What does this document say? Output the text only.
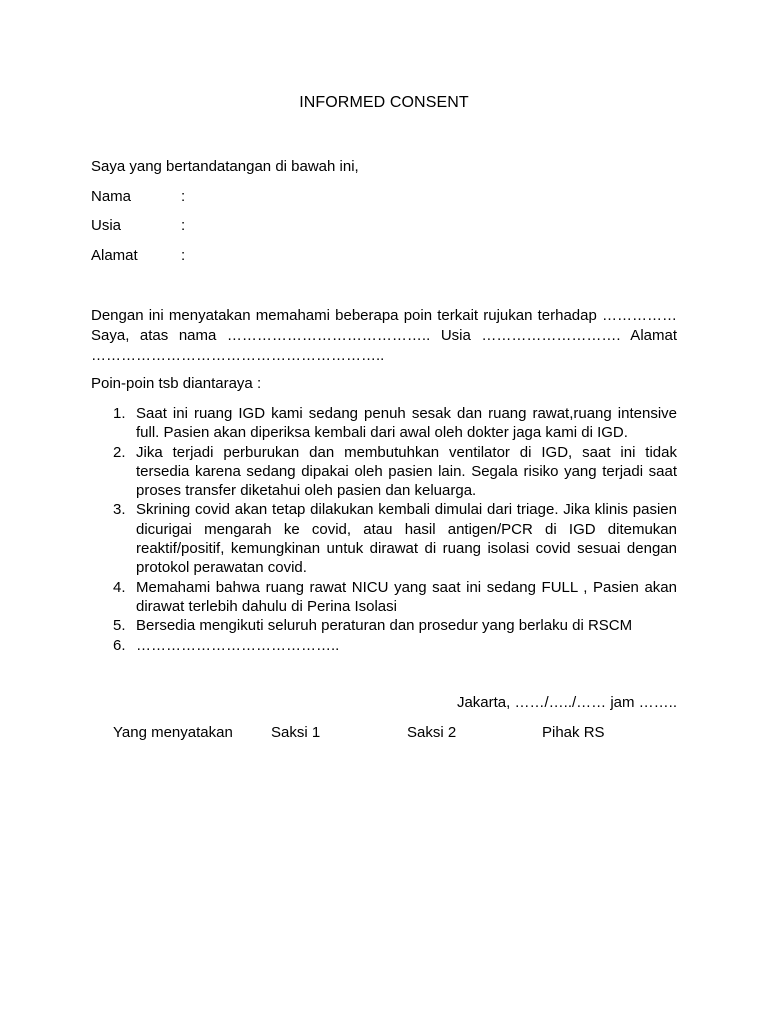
INFORMED CONSENT

Saya yang bertandatangan di bawah ini,

Nama	:

Usia	:

Alamat	:

Dengan ini menyatakan memahami beberapa poin terkait rujukan terhadap ……………
Saya, atas nama ………………………………….. Usia ………………………. Alamat
…………………………………………………..

Poin-poin tsb diantaraya :

1. Saat ini ruang IGD kami sedang penuh sesak dan ruang rawat,ruang intensive full. Pasien akan diperiksa kembali dari awal oleh dokter jaga kami di IGD.
2. Jika terjadi perburukan dan membutuhkan ventilator di IGD, saat ini tidak tersedia karena sedang dipakai oleh pasien lain. Segala risiko yang terjadi saat proses transfer diketahui oleh pasien dan keluarga.
3. Skrining covid akan tetap dilakukan kembali dimulai dari triage. Jika klinis pasien dicurigai mengarah ke covid, atau hasil antigen/PCR di IGD ditemukan reaktif/positif, kemungkinan untuk dirawat di ruang isolasi covid sesuai dengan protokol perawatan covid.
4. Memahami bahwa ruang rawat NICU yang saat ini sedang FULL , Pasien akan dirawat terlebih dahulu di Perina Isolasi
5. Bersedia mengikuti seluruh peraturan dan prosedur yang berlaku di RSCM
6. …………………………………..

Jakarta, ……/…../…… jam ……..

Yang menyatakan	Saksi 1	Saksi 2	Pihak RS
